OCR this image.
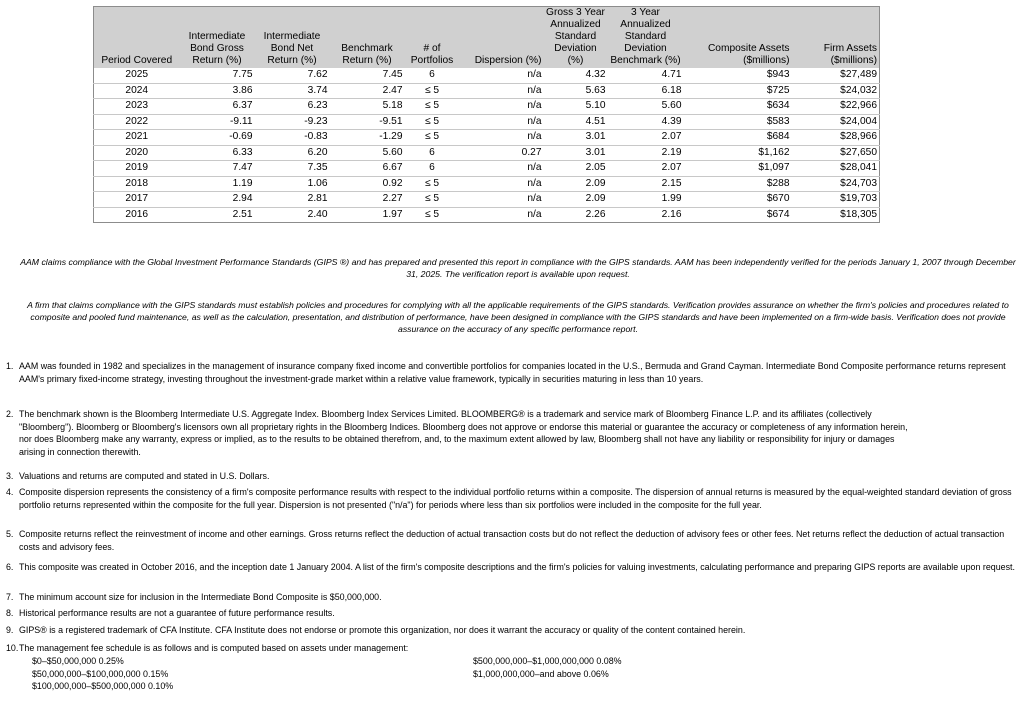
Period Covered	Intermediate Bond Gross Return (%)	Intermediate Bond Net Return (%)	Benchmark Return (%)	# of Portfolios	Dispersion (%)	Gross 3 Year Annualized Standard Deviation (%)	3 Year Annualized Standard Deviation Benchmark (%)	Composite Assets ($millions)	Firm Assets ($millions)
2025	7.75	7.62	7.45	6	n/a	4.32	4.71	$943	$27,489
2024	3.86	3.74	2.47	≤ 5	n/a	5.63	6.18	$725	$24,032
2023	6.37	6.23	5.18	≤ 5	n/a	5.10	5.60	$634	$22,966
2022	-9.11	-9.23	-9.51	≤ 5	n/a	4.51	4.39	$583	$24,004
2021	-0.69	-0.83	-1.29	≤ 5	n/a	3.01	2.07	$684	$28,966
2020	6.33	6.20	5.60	6	0.27	3.01	2.19	$1,162	$27,650
2019	7.47	7.35	6.67	6	n/a	2.05	2.07	$1,097	$28,041
2018	1.19	1.06	0.92	≤ 5	n/a	2.09	2.15	$288	$24,703
2017	2.94	2.81	2.27	≤ 5	n/a	2.09	1.99	$670	$19,703
2016	2.51	2.40	1.97	≤ 5	n/a	2.26	2.16	$674	$18,305

AAM claims compliance with the Global Investment Performance Standards (GIPS ®) and has prepared and presented this report in compliance with the GIPS standards. AAM has been independently verified for the periods January 1, 2007 through December 31, 2025. The verification report is available upon request.

A firm that claims compliance with the GIPS standards must establish policies and procedures for complying with all the applicable requirements of the GIPS standards. Verification provides assurance on whether the firm's policies and procedures related to composite and pooled fund maintenance, as well as the calculation, presentation, and distribution of performance, have been designed in compliance with the GIPS standards and have been implemented on a firm-wide basis. Verification does not provide assurance on the accuracy of any specific performance report.

1. AAM was founded in 1982 and specializes in the management of insurance company fixed income and convertible portfolios for companies located in the U.S., Bermuda and Grand Cayman. Intermediate Bond Composite performance returns represent AAM's primary fixed-income strategy, investing throughout the investment-grade market within a relative value framework, typically in securities maturing in less than 10 years.
2. The benchmark shown is the Bloomberg Intermediate U.S. Aggregate Index. Bloomberg Index Services Limited. BLOOMBERG® is a trademark and service mark of Bloomberg Finance L.P. and its affiliates (collectively "Bloomberg"). Bloomberg or Bloomberg's licensors own all proprietary rights in the Bloomberg Indices. Bloomberg does not approve or endorse this material or guarantee the accuracy or completeness of any information herein, nor does Bloomberg make any warranty, express or implied, as to the results to be obtained therefrom, and, to the maximum extent allowed by law, Bloomberg shall not have any liability or responsibility for injury or damages arising in connection therewith.
3. Valuations and returns are computed and stated in U.S. Dollars.
4. Composite dispersion represents the consistency of a firm's composite performance results with respect to the individual portfolio returns within a composite. The dispersion of annual returns is measured by the equal-weighted standard deviation of gross portfolio returns represented within the composite for the full year. Dispersion is not presented ("n/a") for periods where less than six portfolios were included in the composite for the full year.
5. Composite returns reflect the reinvestment of income and other earnings. Gross returns reflect the deduction of actual transaction costs but do not reflect the deduction of advisory fees or other fees. Net returns reflect the deduction of actual transaction costs and advisory fees.
6. This composite was created in October 2016, and the inception date 1 January 2004. A list of the firm's composite descriptions and the firm's policies for valuing investments, calculating performance and preparing GIPS reports are available upon request.
7. The minimum account size for inclusion in the Intermediate Bond Composite is $50,000,000.
8. Historical performance results are not a guarantee of future performance results.
9. GIPS® is a registered trademark of CFA Institute. CFA Institute does not endorse or promote this organization, nor does it warrant the accuracy or quality of the content contained herein.
10. The management fee schedule is as follows and is computed based on assets under management:
$0–$50,000,000 0.25%
$50,000,000–$100,000,000 0.15%
$100,000,000–$500,000,000 0.10%
$500,000,000–$1,000,000,000 0.08%
$1,000,000,000–and above 0.06%
